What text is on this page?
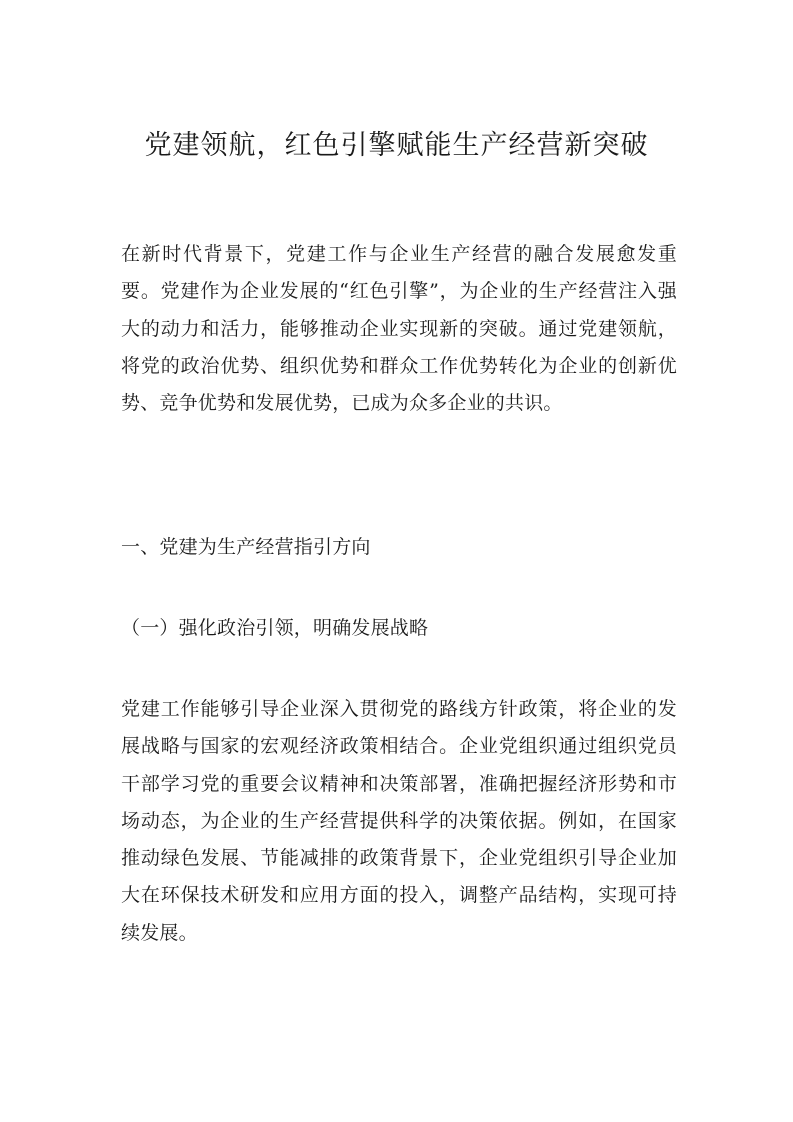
党建领航，红色引擎赋能生产经营新突破

在新时代背景下，党建工作与企业生产经营的融合发展愈发重要。党建作为企业发展的“红色引擎”，为企业的生产经营注入强大的动力和活力，能够推动企业实现新的突破。通过党建领航，将党的政治优势、组织优势和群众工作优势转化为企业的创新优势、竞争优势和发展优势，已成为众多企业的共识。

一、党建为生产经营指引方向

（一）强化政治引领，明确发展战略

党建工作能够引导企业深入贯彻党的路线方针政策，将企业的发展战略与国家的宏观经济政策相结合。企业党组织通过组织党员干部学习党的重要会议精神和决策部署，准确把握经济形势和市场动态，为企业的生产经营提供科学的决策依据。例如，在国家推动绿色发展、节能减排的政策背景下，企业党组织引导企业加大在环保技术研发和应用方面的投入，调整产品结构，实现可持续发展。
